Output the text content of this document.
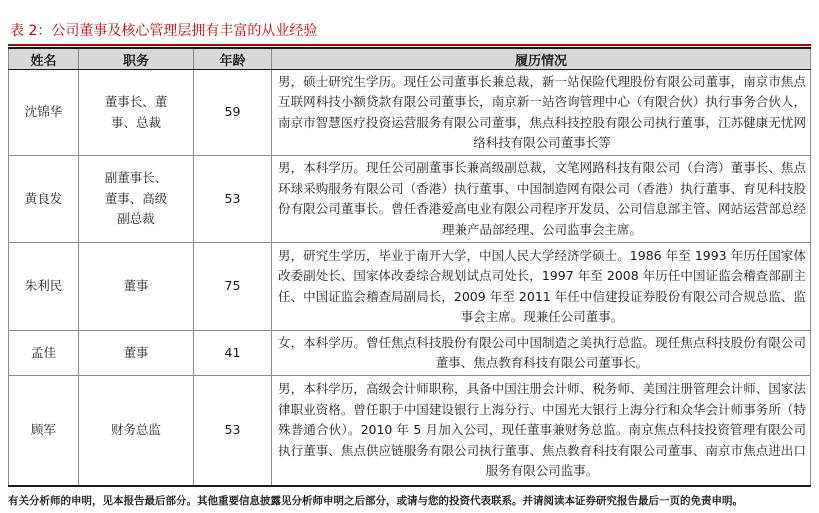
表 2：公司董事及核心管理层拥有丰富的从业经验
姓名	职务	年龄	履历情况
沈锦华	董事长、董
事、总裁	59	男，硕士研究生学历。现任公司董事长兼总裁，新一站保险代理股份有限公司董事，南京市焦点互联网科技小额贷款有限公司董事长，南京新一站咨询管理中心（有限合伙）执行事务合伙人，南京市智慧医疗投资运营服务有限公司董事，焦点科技控股有限公司执行董事，江苏健康无忧网络科技有限公司董事长等
黄良发	副董事长、
董事、高级
副总裁	53	男，本科学历。现任公司副董事长兼高级副总裁，文笔网路科技有限公司（台湾）董事长、焦点环球采购服务有限公司（香港）执行董事、中国制造网有限公司（香港）执行董事、育见科技股份有限公司董事长。曾任香港爱高电业有限公司程序开发员、公司信息部主管、网站运营部总经理兼产品部经理、公司监事会主席。
朱利民	董事	75	男，研究生学历，毕业于南开大学，中国人民大学经济学硕士。1986 年至 1993 年历任国家体改委副处长、国家体改委综合规划试点司处长，1997 年至 2008 年历任中国证监会稽查部副主任、中国证监会稽查局副局长，2009 年至 2011 年任中信建投证券股份有限公司合规总监、监事会主席。现兼任公司董事。
孟佳	董事	41	女，本科学历。曾任焦点科技股份有限公司中国制造之美执行总监。现任焦点科技股份有限公司董事、焦点教育科技有限公司董事长。
顾军	财务总监	53	男，本科学历，高级会计师职称，具备中国注册会计师、税务师、美国注册管理会计师、国家法律职业资格。曾任职于中国建设银行上海分行、中国光大银行上海分行和众华会计师事务所（特殊普通合伙）。2010 年 5 月加入公司，现任董事兼财务总监。南京焦点科技投资管理有限公司执行董事、焦点供应链服务有限公司执行董事、焦点教育科技有限公司董事、南京市焦点进出口服务有限公司监事。
有关分析师的申明，见本报告最后部分。其他重要信息披露见分析师申明之后部分，或请与您的投资代表联系。并请阅读本证券研究报告最后一页的免责申明。
